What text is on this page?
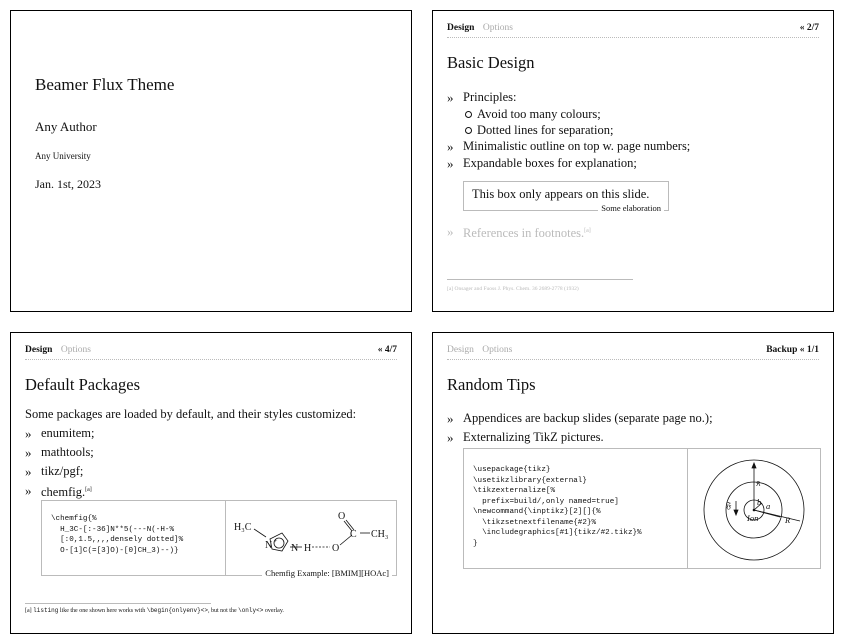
Beamer Flux Theme
Any Author
Any University
Jan. 1st, 2023
Design Options	« 2/7
Basic Design
» Principles:
Avoid too many colours;
Dotted lines for separation;
» Minimalistic outline on top w. page numbers;
» Expandable boxes for explanation;
This box only appears on this slide.
Some elaboration
» References in footnotes.[a]
[a] Onsager and Fuoss J. Phys. Chem. 36 2689-2778 (1932)
Design Options	« 4/7
Default Packages
Some packages are loaded by default, and their styles customized:
» enumitem;
» mathtools;
» tikz/pgf;
» chemfig.[a]
\chemfig{%
H_3C-[:-36]N**5(---N(-H-%
[:0,1.5,,,,densely dotted]%
O-[1]C(=[3]O)-[0]CH_3)--)}
H₃C
N +
N H O
C
O
CH₃
Chemfig Example: [BMIM][HOAc]
[a] listing like the one shown here works with \begin{onlyenv}<>, but not the \only<> overlay.
Design Options	Backup « 1/1
Random Tips
» Appendices are backup slides (separate page no.);
» Externalizing TikZ pictures.
\usepackage{tikz}
\usetikzlibrary{external}
\tikzexternalize[%
prefix=build/,only named=true]
\newcommand{\inptikz}[2][]{%
\tikzsetnextfilename{#2}%
\includegraphics[#1]{tikz/#2.tikz}%
}
Ion
b a
R
𝔉
𝔎
